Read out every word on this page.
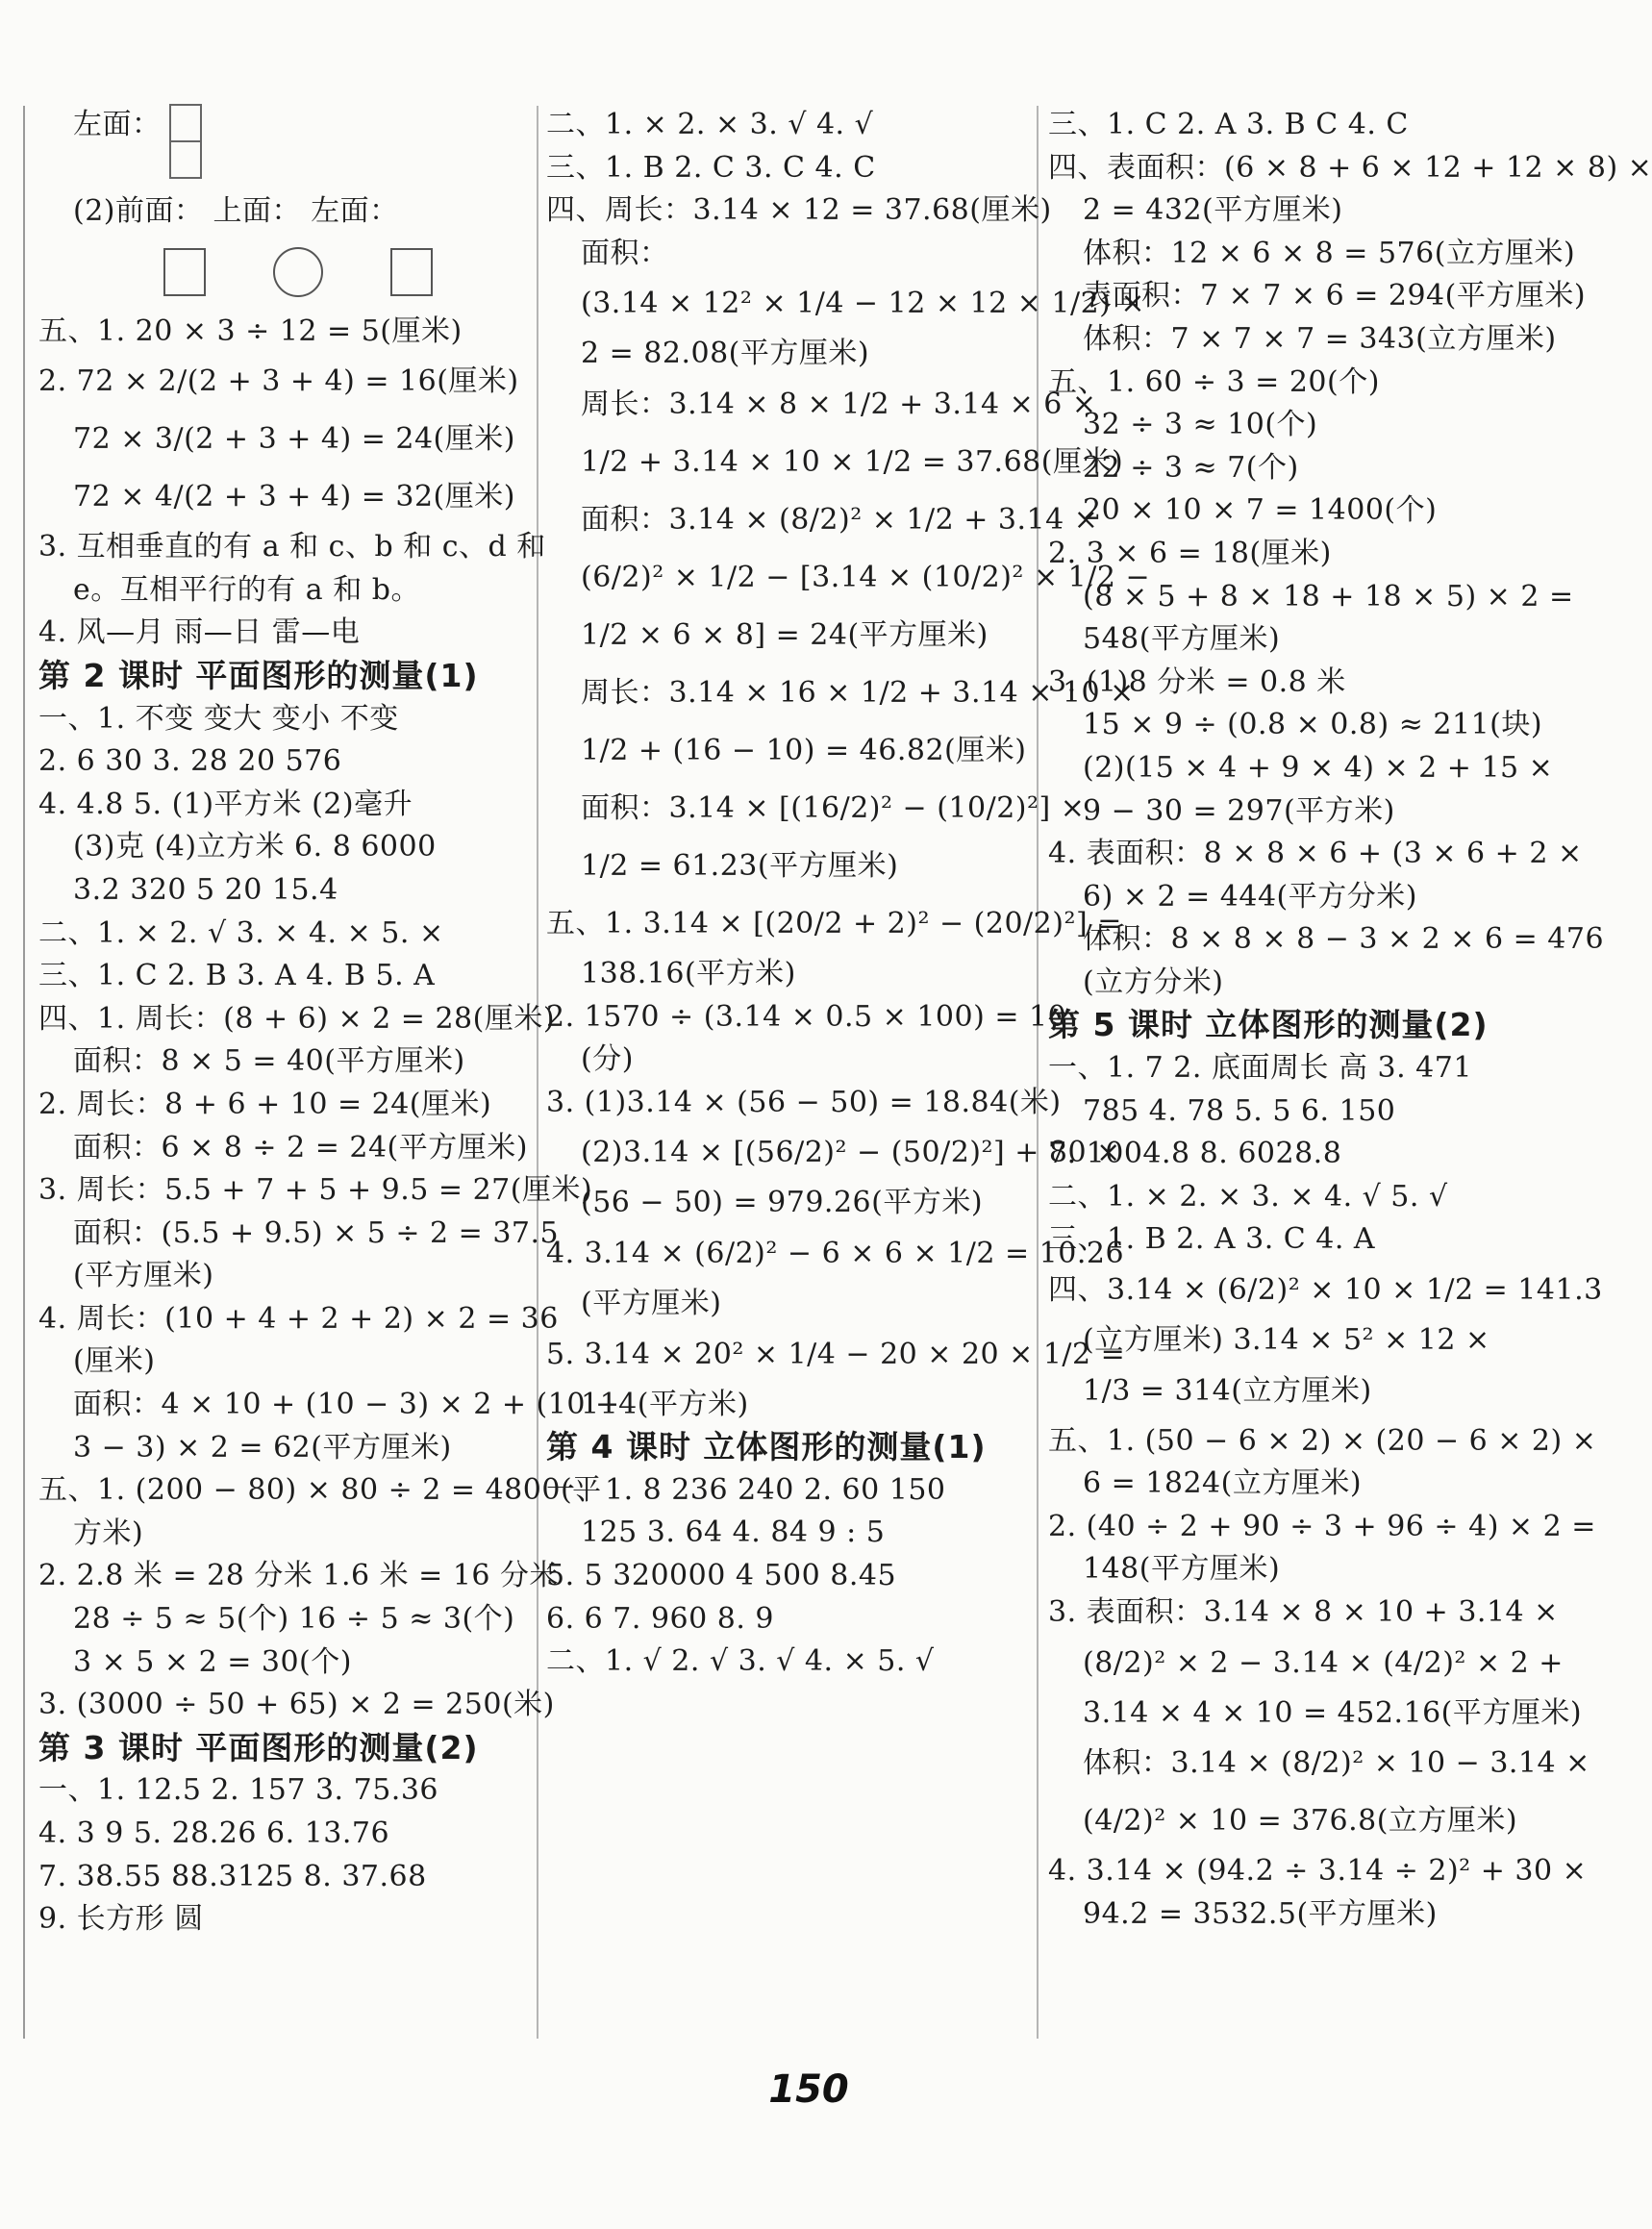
左面：
(2)前面： 上面： 左面：
五、1. 20 × 3 ÷ 12 = 5(厘米)
2. 72 × 2/(2 + 3 + 4) = 16(厘米)
72 × 3/(2 + 3 + 4) = 24(厘米)
72 × 4/(2 + 3 + 4) = 32(厘米)
3. 互相垂直的有 a 和 c、b 和 c、d 和
e。互相平行的有 a 和 b。
4. 风—月 雨—日 雷—电
第 2 课时 平面图形的测量(1)
一、1. 不变 变大 变小 不变
2. 6 30 3. 28 20 576
4. 4.8 5. (1)平方米 (2)毫升
(3)克 (4)立方米 6. 8 6000
3.2 320 5 20 15.4
二、1. × 2. √ 3. × 4. × 5. ×
三、1. C 2. B 3. A 4. B 5. A
四、1. 周长：(8 + 6) × 2 = 28(厘米)
面积：8 × 5 = 40(平方厘米)
2. 周长：8 + 6 + 10 = 24(厘米)
面积：6 × 8 ÷ 2 = 24(平方厘米)
3. 周长：5.5 + 7 + 5 + 9.5 = 27(厘米)
面积：(5.5 + 9.5) × 5 ÷ 2 = 37.5
(平方厘米)
4. 周长：(10 + 4 + 2 + 2) × 2 = 36
(厘米)
面积：4 × 10 + (10 − 3) × 2 + (10 −
3 − 3) × 2 = 62(平方厘米)
五、1. (200 − 80) × 80 ÷ 2 = 4800(平
方米)
2. 2.8 米 = 28 分米 1.6 米 = 16 分米
28 ÷ 5 ≈ 5(个) 16 ÷ 5 ≈ 3(个)
3 × 5 × 2 = 30(个)
3. (3000 ÷ 50 + 65) × 2 = 250(米)
第 3 课时 平面图形的测量(2)
一、1. 12.5 2. 157 3. 75.36
4. 3 9 5. 28.26 6. 13.76
7. 38.55 88.3125 8. 37.68
9. 长方形 圆
二、1. × 2. × 3. √ 4. √
三、1. B 2. C 3. C 4. C
四、周长：3.14 × 12 = 37.68(厘米)
面积：
(3.14 × 12² × 1/4 − 12 × 12 × 1/2) ×
2 = 82.08(平方厘米)
周长：3.14 × 8 × 1/2 + 3.14 × 6 ×
1/2 + 3.14 × 10 × 1/2 = 37.68(厘米)
面积：3.14 × (8/2)² × 1/2 + 3.14 ×
(6/2)² × 1/2 − [3.14 × (10/2)² × 1/2 −
1/2 × 6 × 8] = 24(平方厘米)
周长：3.14 × 16 × 1/2 + 3.14 × 10 ×
1/2 + (16 − 10) = 46.82(厘米)
面积：3.14 × [(16/2)² − (10/2)²] ×
1/2 = 61.23(平方厘米)
五、1. 3.14 × [(20/2 + 2)² − (20/2)²] =
138.16(平方米)
2. 1570 ÷ (3.14 × 0.5 × 100) = 10
(分)
3. (1)3.14 × (56 − 50) = 18.84(米)
(2)3.14 × [(56/2)² − (50/2)²] + 80 ×
(56 − 50) = 979.26(平方米)
4. 3.14 × (6/2)² − 6 × 6 × 1/2 = 10.26
(平方厘米)
5. 3.14 × 20² × 1/4 − 20 × 20 × 1/2 =
114(平方米)
第 4 课时 立体图形的测量(1)
一、1. 8 236 240 2. 60 150
125 3. 64 4. 84 9 : 5
5. 5 320000 4 500 8.45
6. 6 7. 960 8. 9
二、1. √ 2. √ 3. √ 4. × 5. √
三、1. C 2. A 3. B C 4. C
四、表面积：(6 × 8 + 6 × 12 + 12 × 8) ×
2 = 432(平方厘米)
体积：12 × 6 × 8 = 576(立方厘米)
表面积：7 × 7 × 6 = 294(平方厘米)
体积：7 × 7 × 7 = 343(立方厘米)
五、1. 60 ÷ 3 = 20(个)
32 ÷ 3 ≈ 10(个)
22 ÷ 3 ≈ 7(个)
20 × 10 × 7 = 1400(个)
2. 3 × 6 = 18(厘米)
(8 × 5 + 8 × 18 + 18 × 5) × 2 =
548(平方厘米)
3. (1)8 分米 = 0.8 米
15 × 9 ÷ (0.8 × 0.8) ≈ 211(块)
(2)(15 × 4 + 9 × 4) × 2 + 15 ×
9 − 30 = 297(平方米)
4. 表面积：8 × 8 × 6 + (3 × 6 + 2 ×
6) × 2 = 444(平方分米)
体积：8 × 8 × 8 − 3 × 2 × 6 = 476
(立方分米)
第 5 课时 立体图形的测量(2)
一、1. 7 2. 底面周长 高 3. 471
785 4. 78 5. 5 6. 150
7. 1004.8 8. 6028.8
二、1. × 2. × 3. × 4. √ 5. √
三、1. B 2. A 3. C 4. A
四、3.14 × (6/2)² × 10 × 1/2 = 141.3
(立方厘米) 3.14 × 5² × 12 ×
1/3 = 314(立方厘米)
五、1. (50 − 6 × 2) × (20 − 6 × 2) ×
6 = 1824(立方厘米)
2. (40 ÷ 2 + 90 ÷ 3 + 96 ÷ 4) × 2 =
148(平方厘米)
3. 表面积：3.14 × 8 × 10 + 3.14 ×
(8/2)² × 2 − 3.14 × (4/2)² × 2 +
3.14 × 4 × 10 = 452.16(平方厘米)
体积：3.14 × (8/2)² × 10 − 3.14 ×
(4/2)² × 10 = 376.8(立方厘米)
4. 3.14 × (94.2 ÷ 3.14 ÷ 2)² + 30 ×
94.2 = 3532.5(平方厘米)
150
